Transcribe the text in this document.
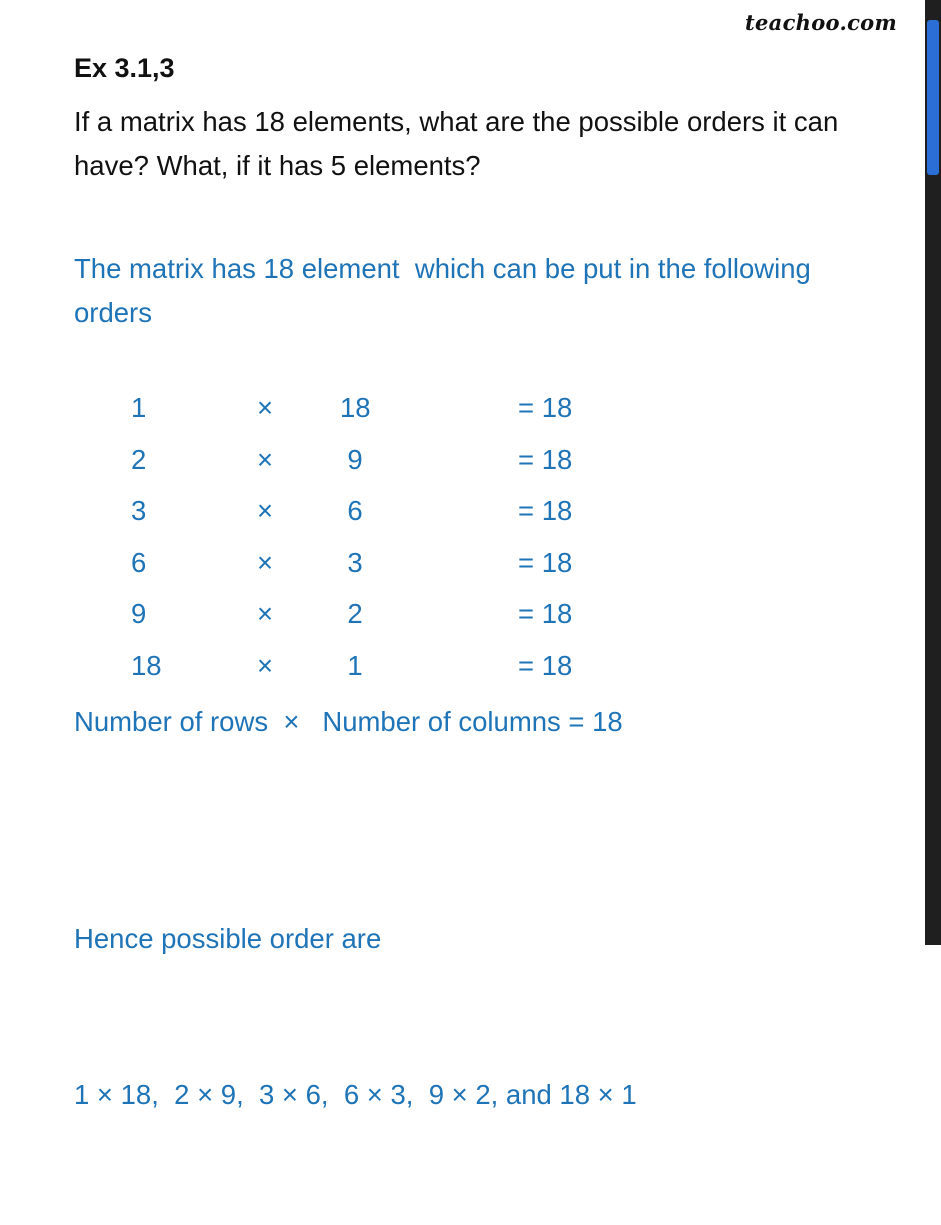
teachoo.com
Ex 3.1,3
If a matrix has 18 elements, what are the possible orders it can
have? What, if it has 5 elements?
The matrix has 18 element  which can be put in the following
orders
1	× 18	= 18
2	×	9	= 18
3	×	6	= 18
6	×	3	= 18
9	×	2	= 18
18	×	1	= 18
Number of rows  ×   Number of columns = 18

Hence possible order are

1 × 18,  2 × 9,  3 × 6,  6 × 3,  9 × 2, and 18 × 1
